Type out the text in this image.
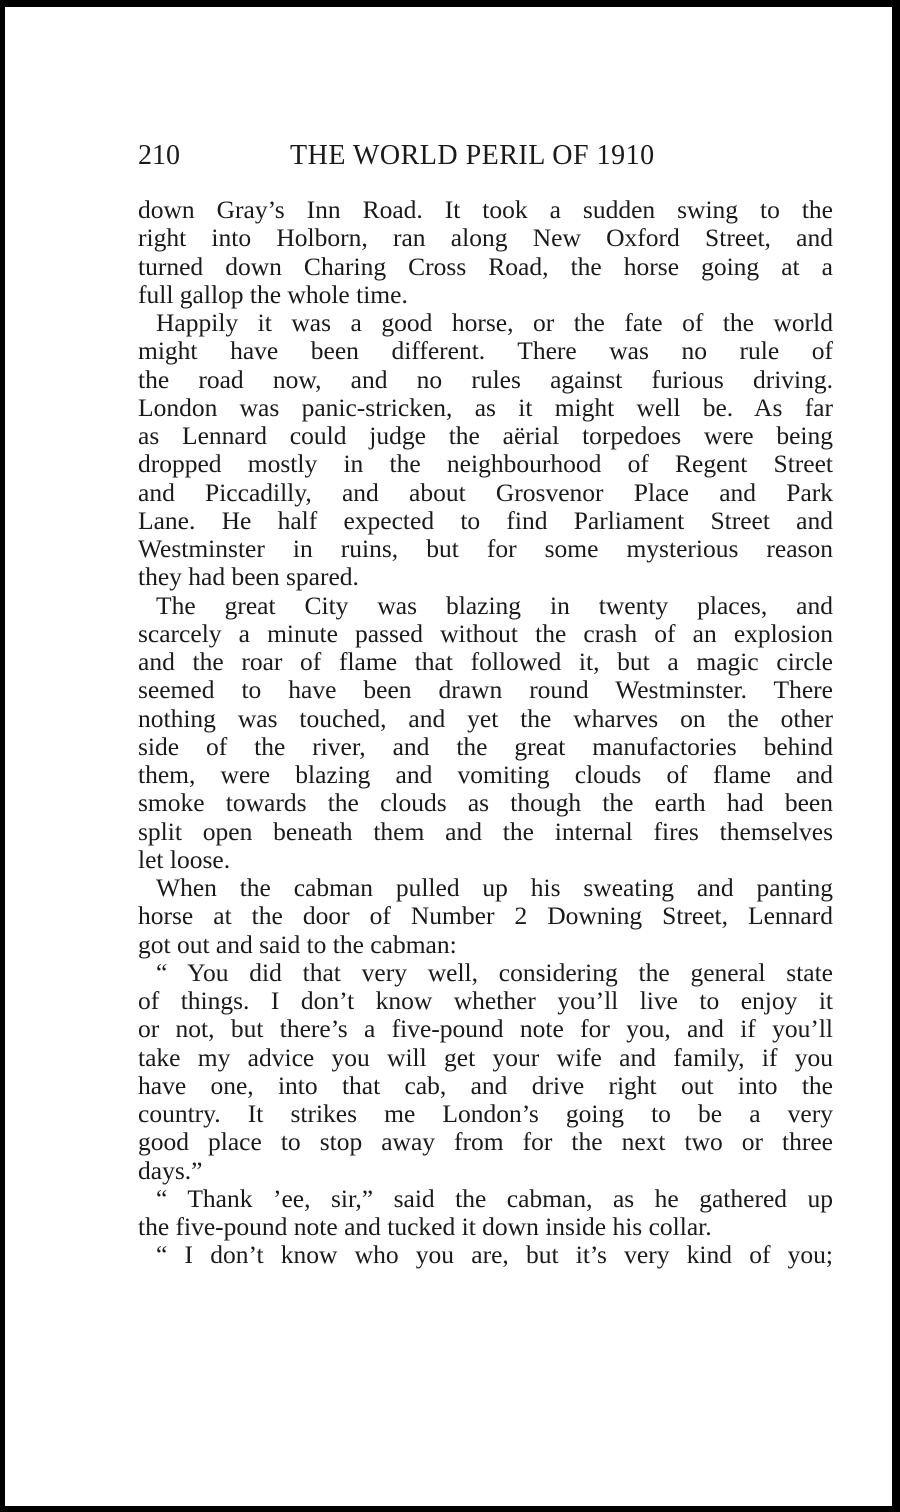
210	THE WORLD PERIL OF 1910
down Gray’s Inn Road. It took a sudden swing to the
right into Holborn, ran along New Oxford Street, and
turned down Charing Cross Road, the horse going at a
full gallop the whole time.
Happily it was a good horse, or the fate of the world
might have been different. There was no rule of
the road now, and no rules against furious driving.
London was panic-stricken, as it might well be. As far
as Lennard could judge the aërial torpedoes were being
dropped mostly in the neighbourhood of Regent Street
and Piccadilly, and about Grosvenor Place and Park
Lane. He half expected to find Parliament Street and
Westminster in ruins, but for some mysterious reason
they had been spared.
The great City was blazing in twenty places, and
scarcely a minute passed without the crash of an explosion
and the roar of flame that followed it, but a magic circle
seemed to have been drawn round Westminster. There
nothing was touched, and yet the wharves on the other
side of the river, and the great manufactories behind
them, were blazing and vomiting clouds of flame and
smoke towards the clouds as though the earth had been
split open beneath them and the internal fires themselves
let loose.
When the cabman pulled up his sweating and panting
horse at the door of Number 2 Downing Street, Lennard
got out and said to the cabman:
“ You did that very well, considering the general state
of things. I don’t know whether you’ll live to enjoy it
or not, but there’s a five-pound note for you, and if you’ll
take my advice you will get your wife and family, if you
have one, into that cab, and drive right out into the
country. It strikes me London’s going to be a very
good place to stop away from for the next two or three
days.”
“ Thank ’ee, sir,” said the cabman, as he gathered up
the five-pound note and tucked it down inside his collar.
“ I don’t know who you are, but it’s very kind of you;
